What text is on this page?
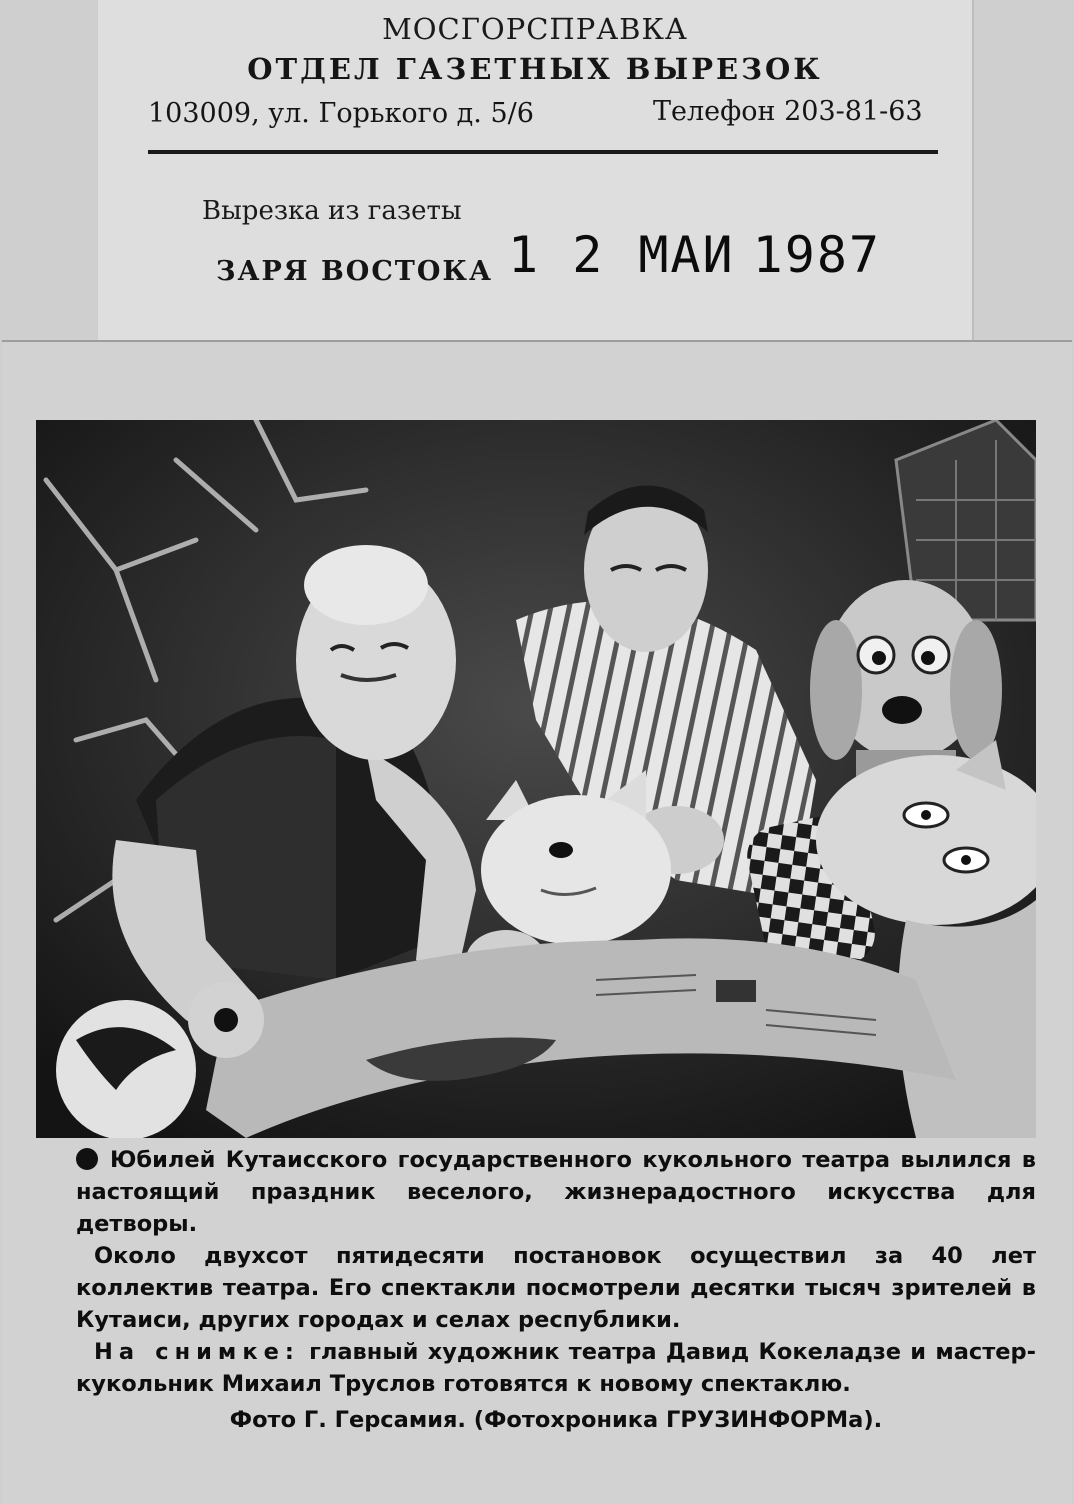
МОСГОРСПРАВКА
ОТДЕЛ ГАЗЕТНЫХ ВЫРЕЗОК
103009, ул. Горького д. 5/6	Телефон 203-81-63
Вырезка из газеты
ЗАРЯ ВОСТОКА 1 2 МАИ 1987

Юбилей Кутаисского государственного кукольного театра вылился в настоящий праздник веселого, жизнерадостного искусства для детворы.

Около двухсот пятидесяти постановок осуществил за 40 лет коллектив театра. Его спектакли посмотрели десятки тысяч зрителей в Кутаиси, других городах и селах республики.

На снимке: главный художник театра Давид Кокеладзе и мастер-кукольник Михаил Труслов готовятся к новому спектаклю.

Фото Г. Герсамия. (Фотохроника ГРУЗИНФОРМа).
